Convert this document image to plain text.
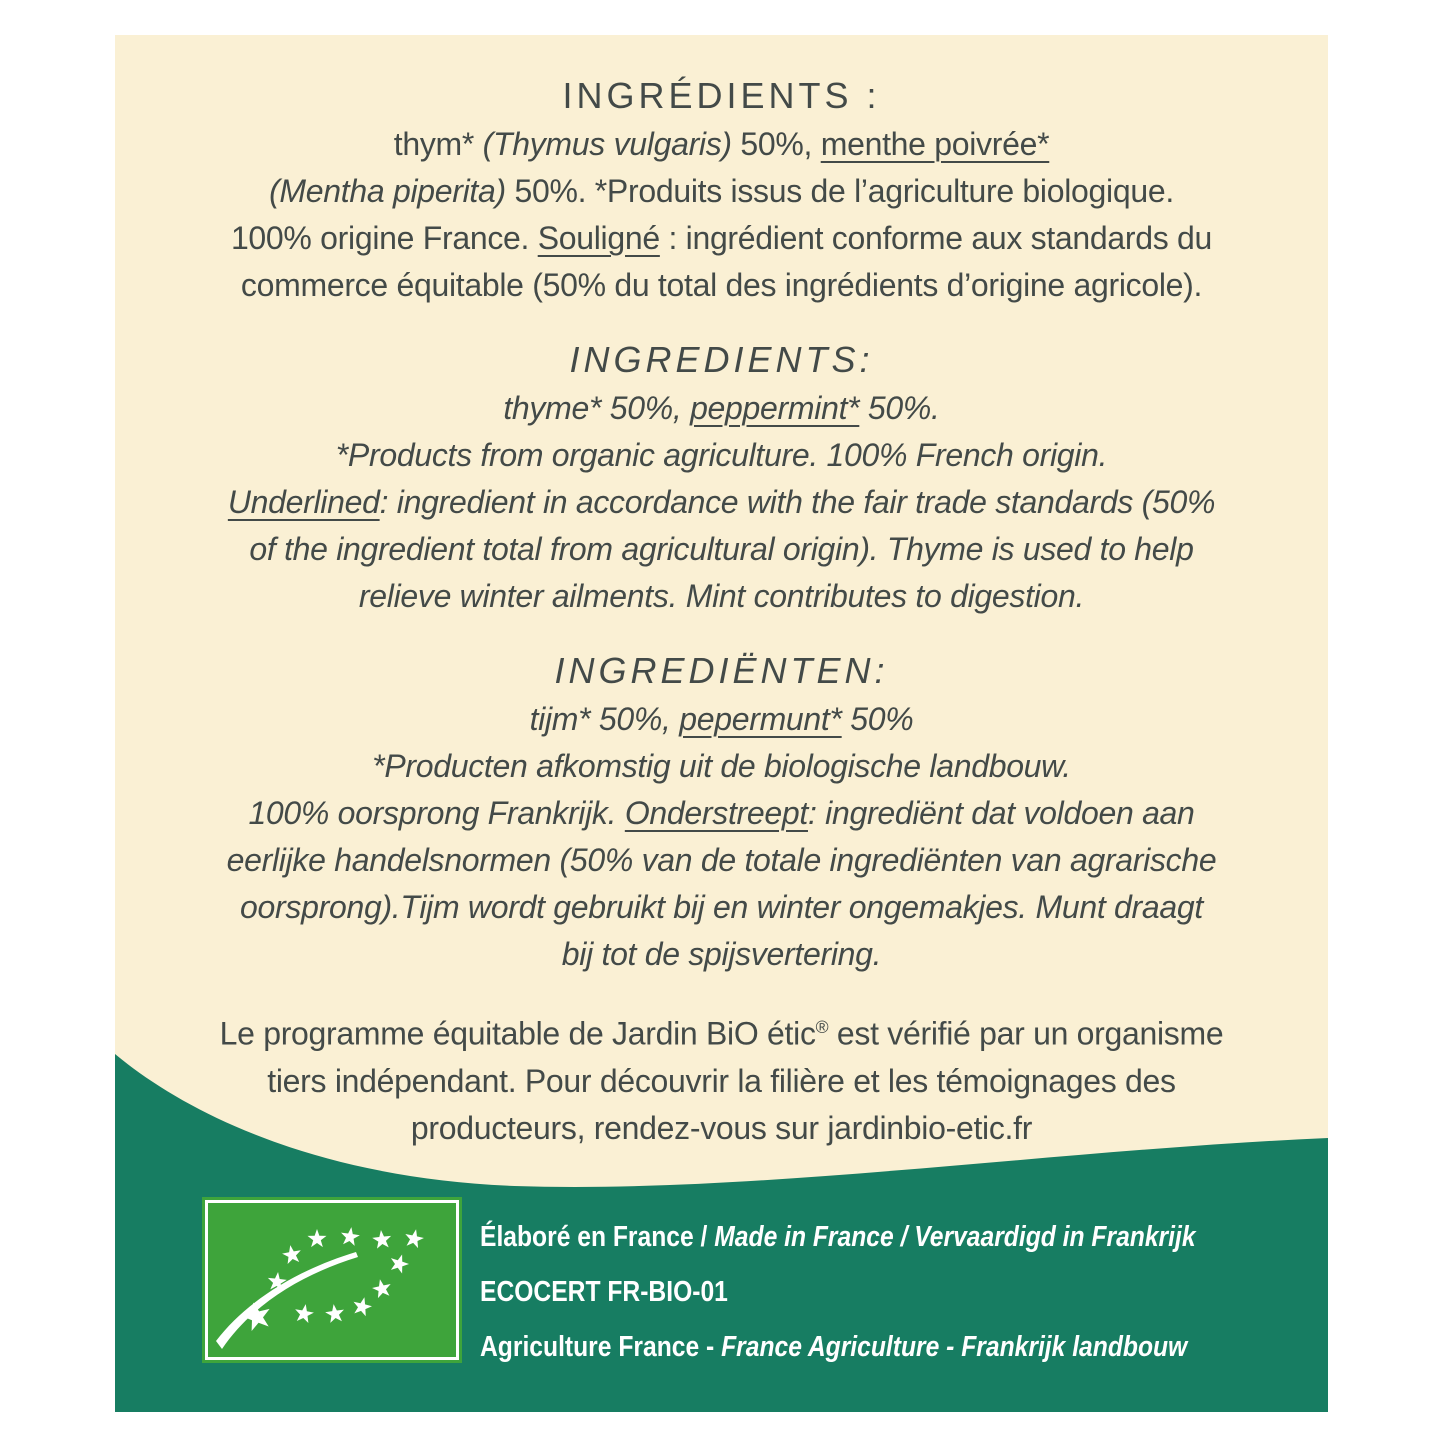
INGRÉDIENTS :
thym* (Thymus vulgaris) 50%, menthe poivrée*
(Mentha piperita) 50%. *Produits issus de l’agriculture biologique.
100% origine France. Souligné : ingrédient conforme aux standards du
commerce équitable (50% du total des ingrédients d’origine agricole).
INGREDIENTS:
thyme* 50%, peppermint* 50%.
*Products from organic agriculture. 100% French origin.
Underlined: ingredient in accordance with the fair trade standards (50%
of the ingredient total from agricultural origin). Thyme is used to help
relieve winter ailments. Mint contributes to digestion.
INGREDIËNTEN:
tijm* 50%, pepermunt* 50%
*Producten afkomstig uit de biologische landbouw.
100% oorsprong Frankrijk. Onderstreept: ingrediënt dat voldoen aan
eerlijke handelsnormen (50% van de totale ingrediënten van agrarische
oorsprong).Tijm wordt gebruikt bij en winter ongemakjes. Munt draagt
bij tot de spijsvertering.
Le programme équitable de Jardin BiO étic® est vérifié par un organisme
tiers indépendant. Pour découvrir la filière et les témoignages des
producteurs, rendez-vous sur jardinbio-etic.fr
Élaboré en France / Made in France / Vervaardigd in Frankrijk
ECOCERT FR-BIO-01
Agriculture France - France Agriculture - Frankrijk landbouw
